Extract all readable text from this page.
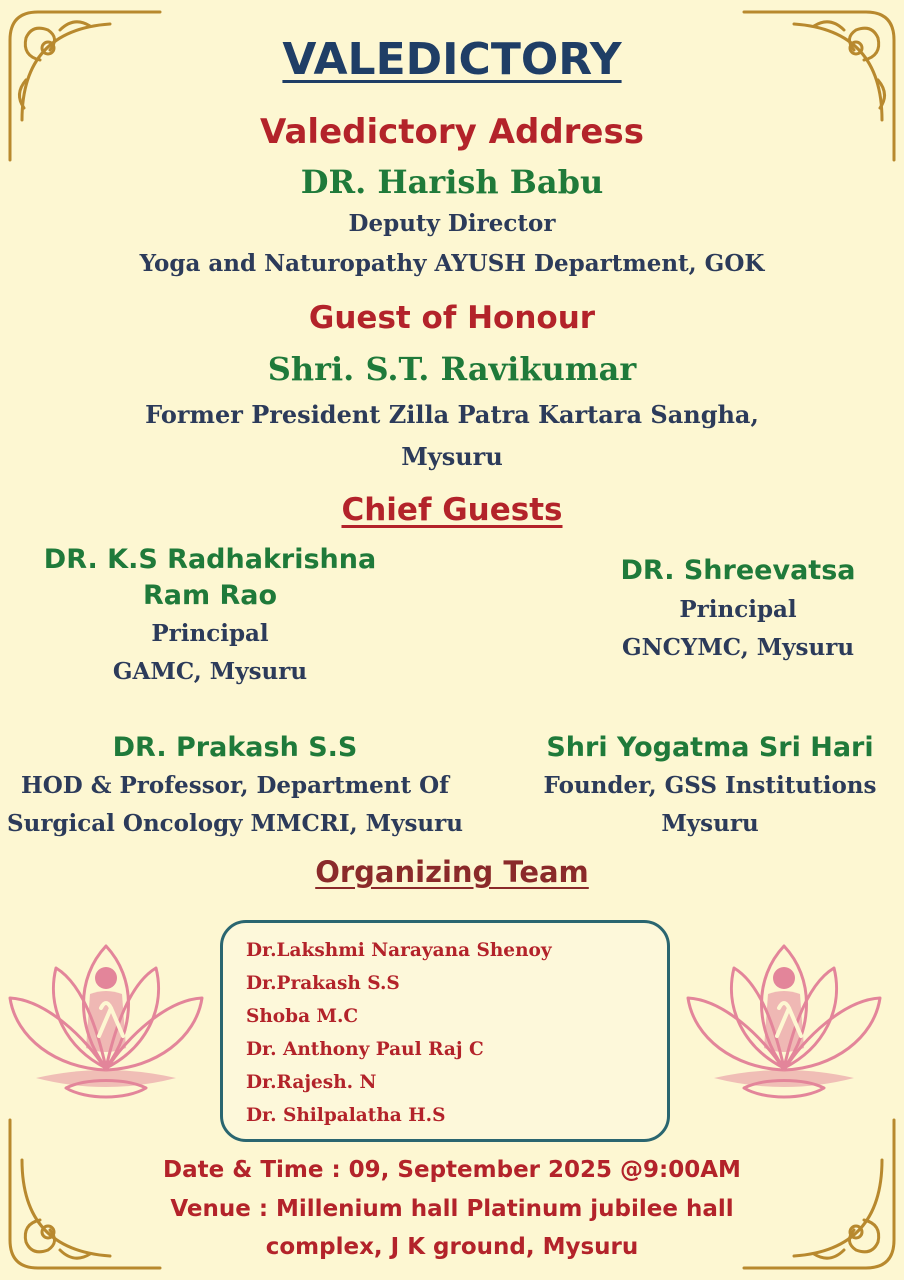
VALEDICTORY
Valedictory Address
DR. Harish Babu
Deputy Director
Yoga and Naturopathy AYUSH Department, GOK
Guest of Honour
Shri. S.T. Ravikumar
Former President Zilla Patra Kartara Sangha,
Mysuru
Chief Guests
DR. K.S Radhakrishna
Ram Rao
Principal
GAMC, Mysuru
DR. Shreevatsa
Principal
GNCYMC, Mysuru
DR. Prakash S.S
HOD & Professor, Department Of
Surgical Oncology MMCRI, Mysuru
Shri Yogatma Sri Hari
Founder, GSS Institutions
Mysuru
Organizing Team
Dr.Lakshmi Narayana Shenoy
Dr.Prakash S.S
Shoba M.C
Dr. Anthony Paul Raj C
Dr.Rajesh. N
Dr. Shilpalatha H.S
Date & Time : 09, September 2025 @9:00AM
Venue : Millenium hall Platinum jubilee hall
complex, J K ground, Mysuru
